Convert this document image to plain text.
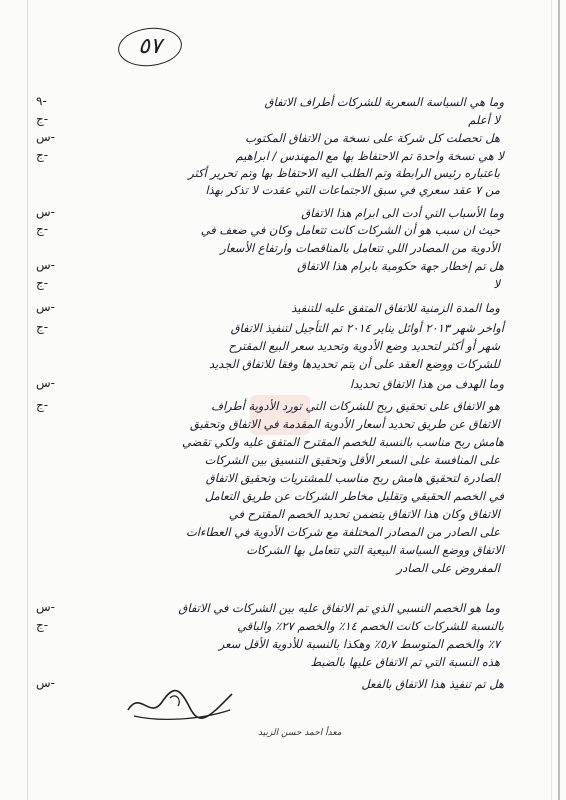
٥٧
٩-	وما هي السياسة السعرية للشركات أطراف الاتفاق
ج-	لا أعلم
س-	هل تحصلت كل شركة على نسخة من الاتفاق المكتوب
ج-	لا هي نسخة واحدة تم الاحتفاظ بها مع المهندس / ابراهيم
باعتباره رئيس الرابطة وتم الطلب اليه الاحتفاظ بها وتم تحرير أكثر
من ٧ عقد سعري في سبق الاجتماعات التي عقدت لا تذكر بهذا
س-	وما الأسباب التي أدت الى ابرام هذا الاتفاق
ج-	حيث ان سبب هو أن الشركات كانت تتعامل وكان في ضعف في
الأدوية من المصادر اللي تتعامل بالمناقصات وارتفاع الأسعار
س-	هل تم إخطار جهة حكومية بابرام هذا الاتفاق
ج-	لا
س-	وما المدة الزمنية للاتفاق المتفق عليه للتنفيذ
ج-	أواخر شهر ٢٠١٣ أوائل يناير ٢٠١٤ تم التأجيل لتنفيذ الاتفاق
شهر أو أكثر لتحديد وضع الأدوية وتحديد سعر البيع المقترح
للشركات ووضع العقد على أن يتم تحديدها وفقا للاتفاق الجديد
س-	وما الهدف من هذا الاتفاق تحديدا
ج-	هو الاتفاق على تحقيق ربح للشركات التي تورد الأدوية أطراف
الاتفاق عن طريق تحديد أسعار الأدوية المقدمة في الاتفاق وتحقيق
هامش ربح مناسب بالنسبة للخصم المقترح المتفق عليه ولكي تقضي
على المنافسة على السعر الأقل وتحقيق التنسيق بين الشركات
الصادرة لتحقيق هامش ربح مناسب للمشتريات وتحقيق الاتفاق
في الخصم الحقيقي وتقليل مخاطر الشركات عن طريق التعامل
الاتفاق وكان هذا الاتفاق يتضمن تحديد الخصم المقترح في
على الصادر من المصادر المختلفة مع شركات الأدوية في العطاءات
الاتفاق ووضع السياسة البيعية التي تتعامل بها الشركات
المفروض على الصادر
س-	وما هو الخصم النسبي الذي تم الاتفاق عليه بين الشركات في الاتفاق
ج-	بالنسبة للشركات كانت الخصم ١٤٪ والخصم ٢٧٪ والباقي
٧٪ والخصم المتوسط ٥٫٧٪ وهكذا بالنسبة للأدوية الأقل سعر
هذه النسبة التي تم الاتفاق عليها بالضبط
س-	هل تم تنفيذ هذا الاتفاق بالفعل
معدأ احمد حسن الزبيد
